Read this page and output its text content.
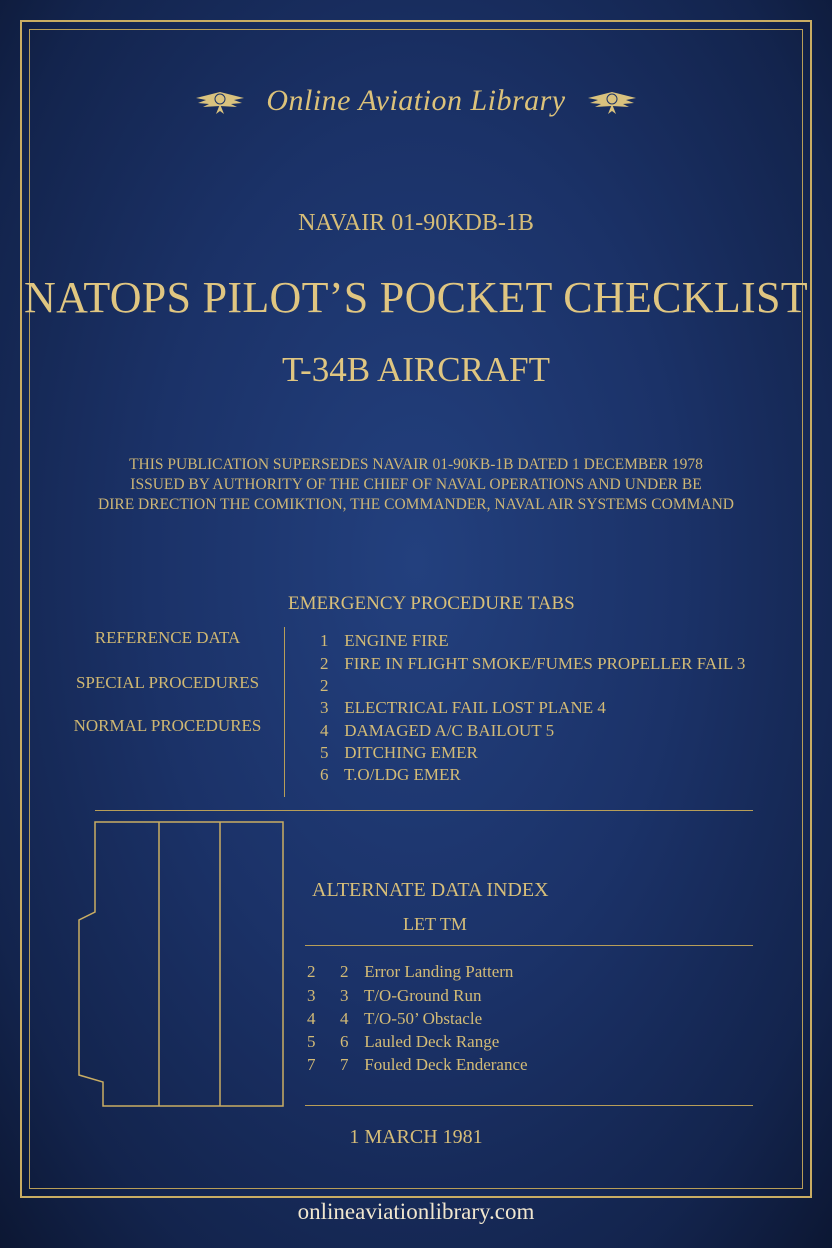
Online Aviation Library
NAVAIR 01-90KDB-1B
NATOPS PILOT’S POCKET CHECKLIST
T-34B AIRCRAFT
THIS PUBLICATION SUPERSEDES NAVAIR 01-90KB-1B DATED 1 DECEMBER 1978
ISSUED BY AUTHORITY OF THE CHIEF OF NAVAL OPERATIONS AND UNDER BE
DIRE DRECTION THE COMIKTION, THE COMMANDER, NAVAL AIR SYSTEMS COMMAND
EMERGENCY PROCEDURE TABS
REFERENCE DATA
SPECIAL PROCEDURES
NORMAL PROCEDURES
1 ENGINE FIRE
2 FIRE IN FLIGHT SMOKE/FUMES PROPELLER FAIL 3
2
3 ELECTRICAL FAIL LOST PLANE 4
4 DAMAGED A/C BAILOUT 5
5 DITCHING EMER
6 T.O/LDG EMER
ALTERNATE DATA INDEX
LET TM
2 2 Error Landing Pattern
3 3 T/O-Ground Run
4 4 T/O-50’ Obstacle
5 6 Lauled Deck Range
7 7 Fouled Deck Enderance
1 MARCH 1981
onlineaviationlibrary.com
